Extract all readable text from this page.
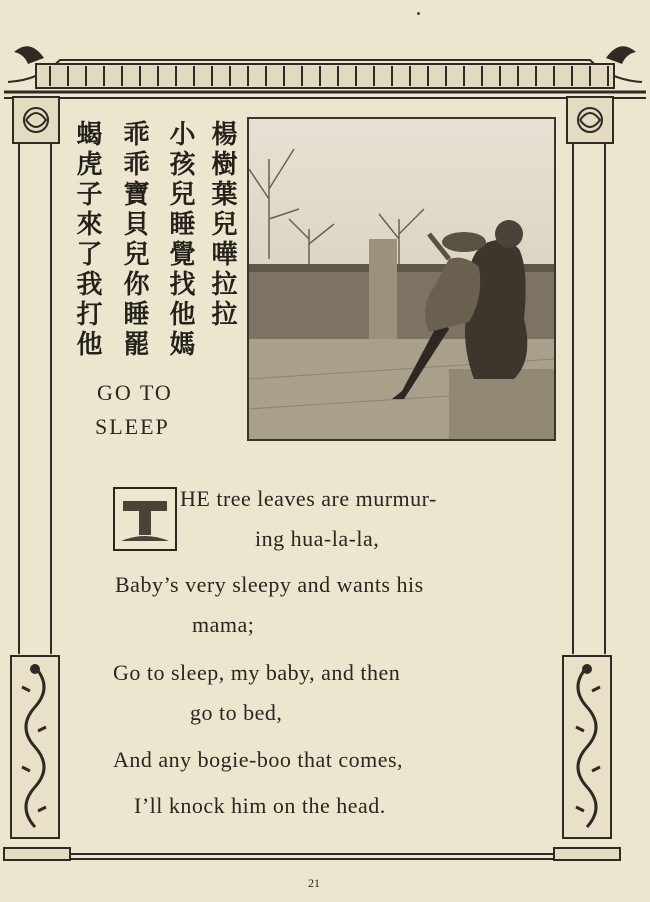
楊樹葉兒嘩拉拉
小孩兒睡覺找他媽
乖乖寶貝兒你睡罷
蝎虎子來了我打他
GO TO
SLEEP
HE tree leaves are murmur-
ing hua-la-la,
Baby’s very sleepy and wants his
mama;
Go to sleep, my baby, and then
go to bed,
And any bogie-boo that comes,
I’ll knock him on the head.
21
